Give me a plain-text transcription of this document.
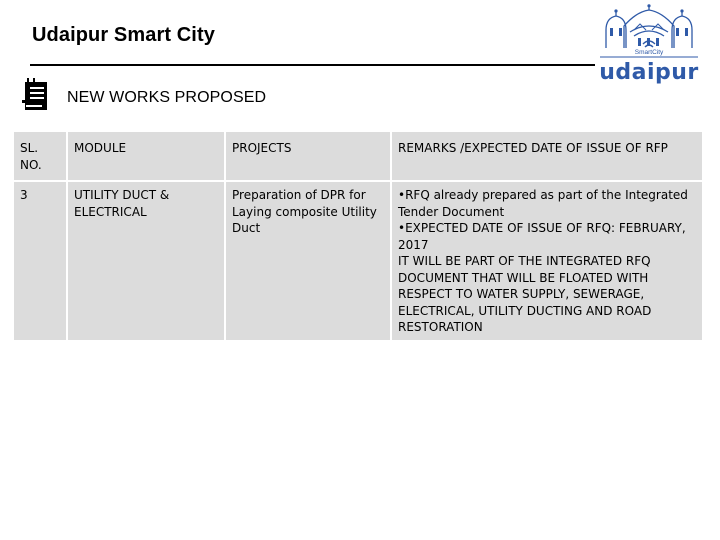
Udaipur Smart City
NEW WORKS PROPOSED
SmartCity
udaipur
SL. NO.	MODULE	PROJECTS	REMARKS /EXPECTED DATE OF ISSUE OF RFP
3	UTILITY DUCT & ELECTRICAL	Preparation of DPR for Laying composite Utility Duct	•RFQ already prepared as part of the Integrated Tender Document
•EXPECTED DATE OF ISSUE OF RFQ: FEBRUARY, 2017
IT WILL BE PART OF THE INTEGRATED RFQ DOCUMENT THAT WILL BE FLOATED WITH RESPECT TO WATER SUPPLY, SEWERAGE, ELECTRICAL, UTILITY DUCTING AND ROAD RESTORATION
